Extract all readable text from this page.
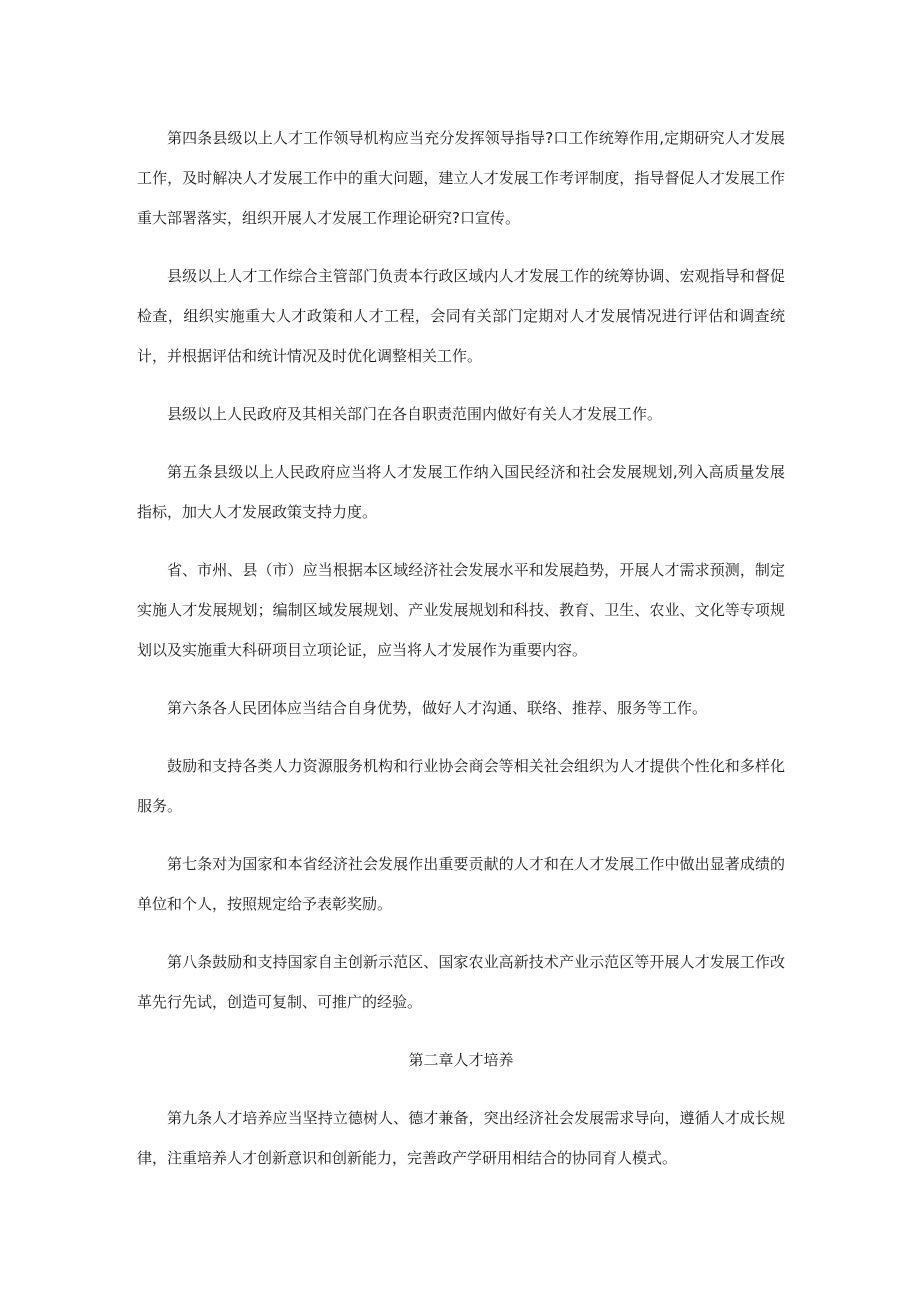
第四条县级以上人才工作领导机构应当充分发挥领导指导?口工作统筹作用,定期研究人才发展工作，及时解决人才发展工作中的重大问题，建立人才发展工作考评制度，指导督促人才发展工作重大部署落实，组织开展人才发展工作理论研究?口宣传。

县级以上人才工作综合主管部门负责本行政区域内人才发展工作的统筹协调、宏观指导和督促检查，组织实施重大人才政策和人才工程，会同有关部门定期对人才发展情况进行评估和调查统计，并根据评估和统计情况及时优化调整相关工作。

县级以上人民政府及其相关部门在各自职责范围内做好有关人才发展工作。

第五条县级以上人民政府应当将人才发展工作纳入国民经济和社会发展规划,列入高质量发展指标，加大人才发展政策支持力度。

省、市州、县（市）应当根据本区域经济社会发展水平和发展趋势，开展人才需求预测，制定实施人才发展规划；编制区域发展规划、产业发展规划和科技、教育、卫生、农业、文化等专项规划以及实施重大科研项目立项论证，应当将人才发展作为重要内容。

第六条各人民团体应当结合自身优势，做好人才沟通、联络、推荐、服务等工作。

鼓励和支持各类人力资源服务机构和行业协会商会等相关社会组织为人才提供个性化和多样化服务。

第七条对为国家和本省经济社会发展作出重要贡献的人才和在人才发展工作中做出显著成绩的单位和个人，按照规定给予表彰奖励。

第八条鼓励和支持国家自主创新示范区、国家农业高新技术产业示范区等开展人才发展工作改革先行先试，创造可复制、可推广的经验。

第二章人才培养

第九条人才培养应当坚持立德树人、德才兼备，突出经济社会发展需求导向，遵循人才成长规律，注重培养人才创新意识和创新能力，完善政产学研用相结合的协同育人模式。
